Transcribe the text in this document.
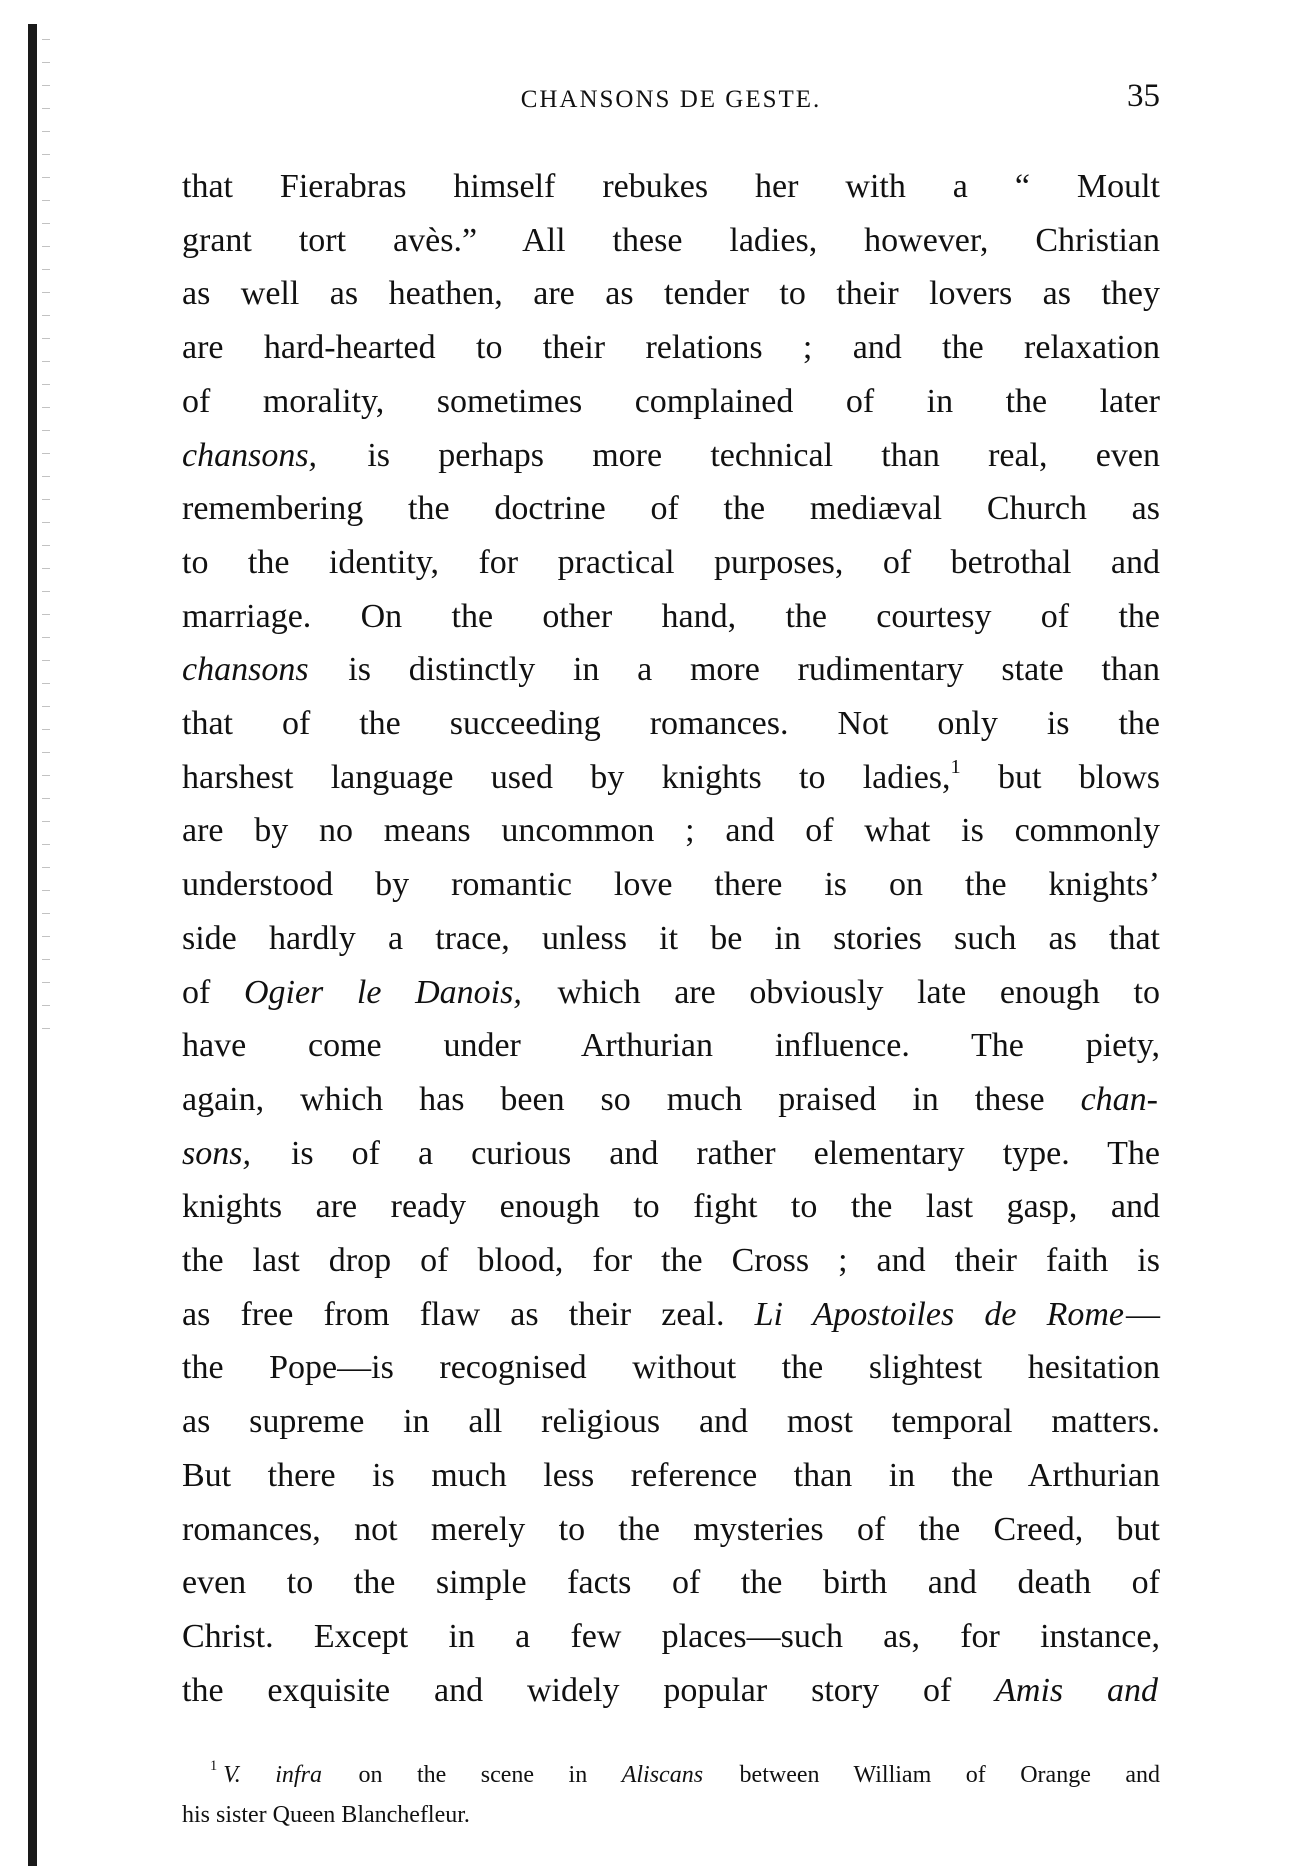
CHANSONS DE GESTE.	35
that Fierabras himself rebukes her with a “ Moult
grant tort avès.” All these ladies, however, Christian
as well as heathen, are as tender to their lovers as they
are hard-hearted to their relations ; and the relaxation
of morality, sometimes complained of in the later
chansons, is perhaps more technical than real, even
remembering the doctrine of the mediæval Church as
to the identity, for practical purposes, of betrothal and
marriage. On the other hand, the courtesy of the
chansons is distinctly in a more rudimentary state than
that of the succeeding romances. Not only is the
harshest language used by knights to ladies,$^1$ but blows
are by no means uncommon ; and of what is commonly
understood by romantic love there is on the knights’
side hardly a trace, unless it be in stories such as that
of Ogier le Danois, which are obviously late enough to
have come under Arthurian influence. The piety,
again, which has been so much praised in these chan-
sons, is of a curious and rather elementary type. The
knights are ready enough to fight to the last gasp, and
the last drop of blood, for the Cross ; and their faith is
as free from flaw as their zeal. Li Apostoiles de Rome—
the Pope—is recognised without the slightest hesitation
as supreme in all religious and most temporal matters.
But there is much less reference than in the Arthurian
romances, not merely to the mysteries of the Creed, but
even to the simple facts of the birth and death of
Christ. Except in a few places—such as, for instance,
the exquisite and widely popular story of Amis and
$^1$ V. infra on the scene in Aliscans between William of Orange and
his sister Queen Blanchefleur.
